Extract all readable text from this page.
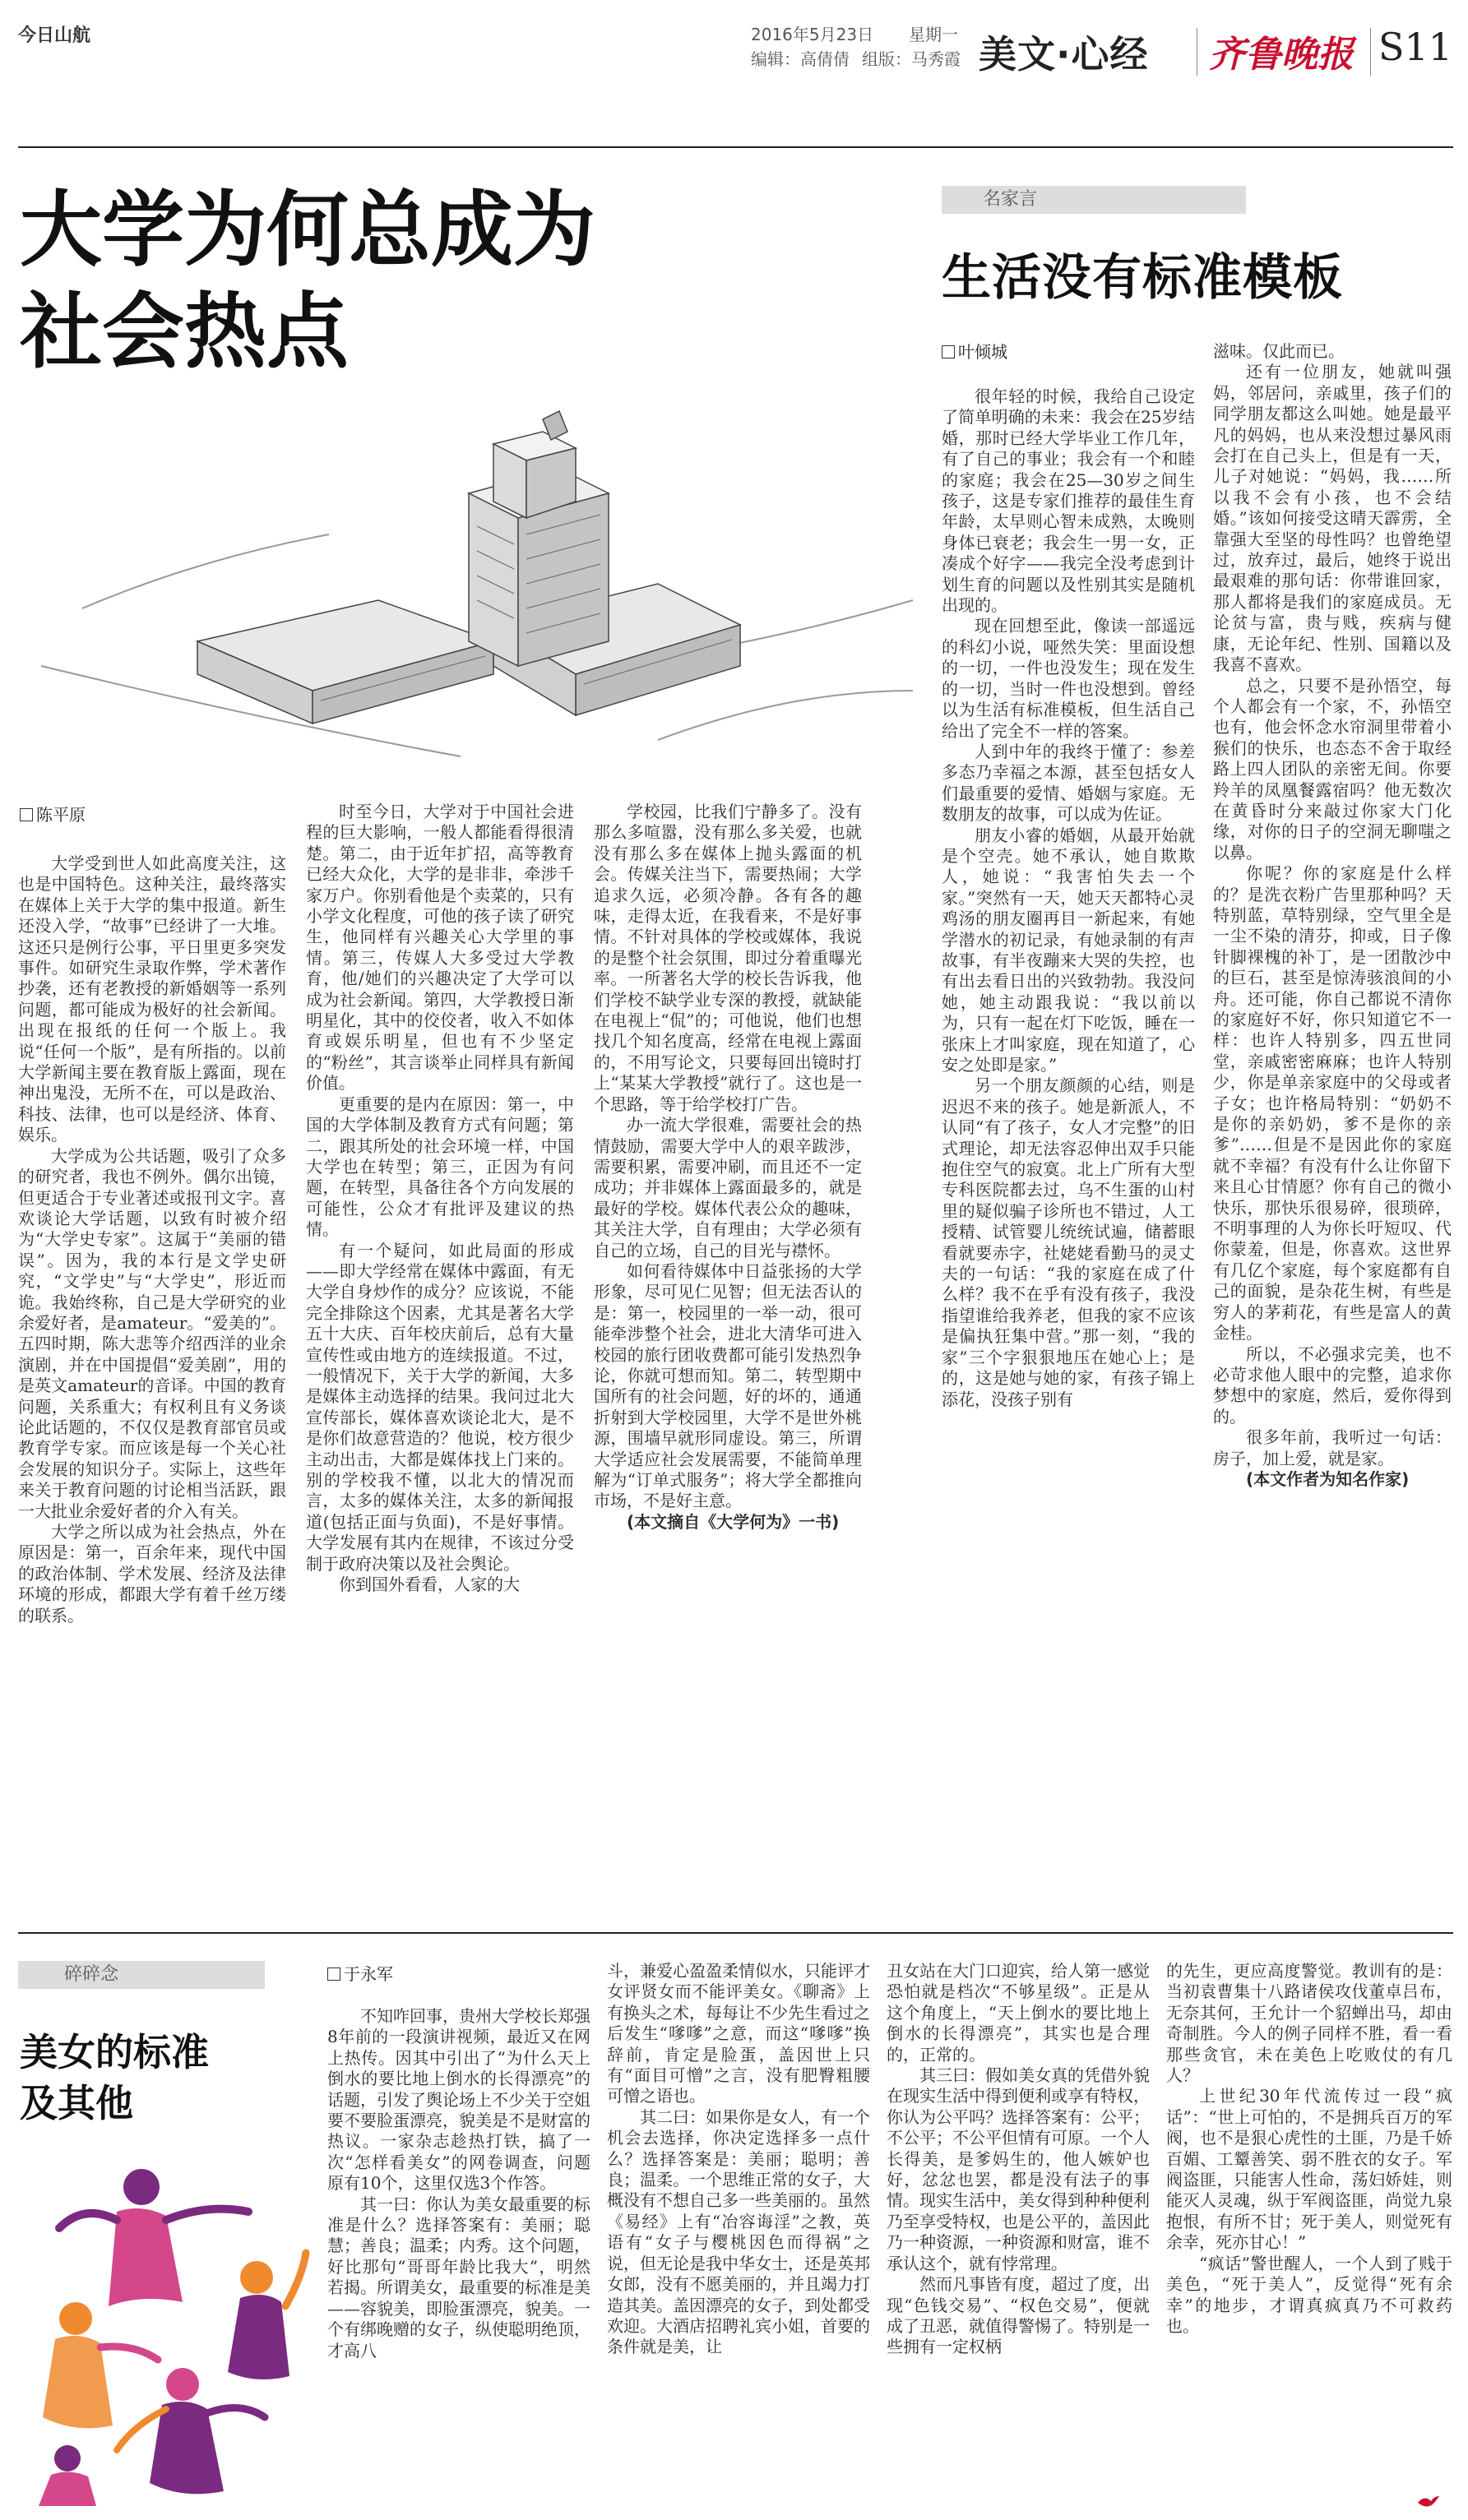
今日山航	2016年5月23日 星期一
编辑：高倩倩 组版：马秀霞 美文·心经 齐鲁晚报 S11
大学为何总成为
社会热点
陈平原

大学受到世人如此高度关注，这也是中国特色。这种关注，最终落实在媒体上关于大学的集中报道。新生还没入学，“故事”已经讲了一大堆。这还只是例行公事，平日里更多突发事件。如研究生录取作弊，学术著作抄袭，还有老教授的新婚姻等一系列问题，都可能成为极好的社会新闻。出现在报纸的任何一个版上。我说“任何一个版”，是有所指的。以前大学新闻主要在教育版上露面，现在神出鬼没，无所不在，可以是政治、科技、法律，也可以是经济、体育、娱乐。

大学成为公共话题，吸引了众多的研究者，我也不例外。偶尔出镜，但更适合于专业著述或报刊文字。喜欢谈论大学话题，以致有时被介绍为“大学史专家”。这属于“美丽的错误”。因为，我的本行是文学史研究，“文学史”与“大学史”，形近而诡。我始终称，自己是大学研究的业余爱好者，是amateur。“爱美的”。五四时期，陈大悲等介绍西洋的业余演剧，并在中国提倡“爱美剧”，用的是英文amateur的音译。中国的教育问题，关系重大；有权利且有义务谈论此话题的，不仅仅是教育部官员或教育学专家。而应该是每一个关心社会发展的知识分子。实际上，这些年来关于教育问题的讨论相当活跃，跟一大批业余爱好者的介入有关。

大学之所以成为社会热点，外在原因是：第一，百余年来，现代中国的政治体制、学术发展、经济及法律环境的形成，都跟大学有着千丝万缕的联系。

时至今日，大学对于中国社会进程的巨大影响，一般人都能看得很清楚。第二，由于近年扩招，高等教育已经大众化，大学的是非非，牵涉千家万户。你别看他是个卖菜的，只有小学文化程度，可他的孩子读了研究生，他同样有兴趣关心大学里的事情。第三，传媒人大多受过大学教育，他/她们的兴趣决定了大学可以成为社会新闻。第四，大学教授日渐明星化，其中的佼佼者，收入不如体育或娱乐明星，但也有不少坚定的“粉丝”，其言谈举止同样具有新闻价值。

更重要的是内在原因：第一，中国的大学体制及教育方式有问题；第二，跟其所处的社会环境一样，中国大学也在转型；第三，正因为有问题，在转型，具备往各个方向发展的可能性，公众才有批评及建议的热情。

有一个疑问，如此局面的形成——即大学经常在媒体中露面，有无大学自身炒作的成分？应该说，不能完全排除这个因素，尤其是著名大学五十大庆、百年校庆前后，总有大量宣传性或由地方的连续报道。不过，一般情况下，关于大学的新闻，大多是媒体主动选择的结果。我问过北大宣传部长，媒体喜欢谈论北大，是不是你们故意营造的？他说，校方很少主动出击，大都是媒体找上门来的。别的学校我不懂，以北大的情况而言，太多的媒体关注，太多的新闻报道(包括正面与负面)，不是好事情。大学发展有其内在规律，不该过分受制于政府决策以及社会舆论。

你到国外看看，人家的大

学校园，比我们宁静多了。没有那么多喧嚣，没有那么多关爱，也就没有那么多在媒体上抛头露面的机会。传媒关注当下，需要热闹；大学追求久远，必须冷静。各有各的趣味，走得太近，在我看来，不是好事情。不针对具体的学校或媒体，我说的是整个社会氛围，即过分着重曝光率。一所著名大学的校长告诉我，他们学校不缺学业专深的教授，就缺能在电视上“侃”的；可他说，他们也想找几个知名度高，经常在电视上露面的，不用写论文，只要每回出镜时打上“某某大学教授”就行了。这也是一个思路，等于给学校打广告。

办一流大学很难，需要社会的热情鼓励，需要大学中人的艰辛跋涉，需要积累，需要冲刷，而且还不一定成功；并非媒体上露面最多的，就是最好的学校。媒体代表公众的趣味，其关注大学，自有理由；大学必须有自己的立场，自己的目光与襟怀。

如何看待媒体中日益张扬的大学形象，尽可见仁见智；但无法否认的是：第一，校园里的一举一动，很可能牵涉整个社会，进北大清华可进入校园的旅行团收费都可能引发热烈争论，你就可想而知。第二，转型期中国所有的社会问题，好的坏的，通通折射到大学校园里，大学不是世外桃源，围墙早就形同虚设。第三，所谓大学适应社会发展需要，不能简单理解为“订单式服务”；将大学全都推向市场，不是好主意。

(本文摘自《大学何为》一书)

名家言
生活没有标准模板
叶倾城

很年轻的时候，我给自己设定了简单明确的未来：我会在25岁结婚，那时已经大学毕业工作几年，有了自己的事业；我会有一个和睦的家庭；我会在25—30岁之间生孩子，这是专家们推荐的最佳生育年龄，太早则心智未成熟，太晚则身体已衰老；我会生一男一女，正凑成个好字——我完全没考虑到计划生育的问题以及性别其实是随机出现的。

现在回想至此，像读一部遥远的科幻小说，哑然失笑：里面设想的一切，一件也没发生；现在发生的一切，当时一件也没想到。曾经以为生活有标准模板，但生活自己给出了完全不一样的答案。

人到中年的我终于懂了：参差多态乃幸福之本源，甚至包括女人们最重要的爱情、婚姻与家庭。无数朋友的故事，可以成为佐证。

朋友小睿的婚姻，从最开始就是个空壳。她不承认，她自欺欺人，她说：“我害怕失去一个家。”突然有一天，她天天都特心灵鸡汤的朋友圈再目一新起来，有她学潜水的初记录，有她录制的有声故事，有半夜蹦来大哭的失控，也有出去看日出的兴致勃勃。我没问她，她主动跟我说：“我以前以为，只有一起在灯下吃饭，睡在一张床上才叫家庭，现在知道了，心安之处即是家。”

另一个朋友颜颜的心结，则是迟迟不来的孩子。她是新派人，不认同“有了孩子，女人才完整”的旧式理论，却无法容忍伸出双手只能抱住空气的寂寞。北上广所有大型专科医院都去过，乌不生蛋的山村里的疑似骗子诊所也不错过，人工授精、试管婴儿统统试遍，储蓄眼看就要赤字，社姥姥看勤马的灵丈夫的一句话：“我的家庭在成了什么样？我不在乎有没有孩子，我没指望谁给我养老，但我的家不应该是偏执狂集中营。”那一刻，“我的家”三个字狠狠地压在她心上；是的，这是她与她的家，有孩子锦上添花，没孩子别有

滋味。仅此而已。

还有一位朋友，她就叫强妈，邻居问，亲戚里，孩子们的同学朋友都这么叫她。她是最平凡的妈妈，也从来没想过暴风雨会打在自己头上，但是有一天，儿子对她说：“妈妈，我……所以我不会有小孩，也不会结婚。”该如何接受这晴天霹雳，全靠强大至坚的母性吗？也曾绝望过，放弃过，最后，她终于说出最艰难的那句话：你带谁回家，那人都将是我们的家庭成员。无论贫与富，贵与贱，疾病与健康，无论年纪、性别、国籍以及我喜不喜欢。

总之，只要不是孙悟空，每个人都会有一个家，不，孙悟空也有，他会怀念水帘洞里带着小猴们的快乐，也态态不舍于取经路上四人团队的亲密无间。你要羚羊的凤凰餐露宿吗？他无数次在黄昏时分来敲过你家大门化缘，对你的日子的空洞无聊嗤之以鼻。

你呢？你的家庭是什么样的？是洗衣粉广告里那种吗？天特别蓝，草特别绿，空气里全是一尘不染的清芬，抑或，日子像针脚裸槐的补丁，是一团散沙中的巨石，甚至是惊涛骇浪间的小舟。还可能，你自己都说不清你的家庭好不好，你只知道它不一样：也许人特别多，四五世同堂，亲戚密密麻麻；也许人特别少，你是单亲家庭中的父母或者子女；也许格局特别：“奶奶不是你的亲奶奶，爹不是你的亲爹”……但是不是因此你的家庭就不幸福？有没有什么让你留下来且心甘情愿？你有自己的微小快乐，那快乐很易碎，很琐碎，不明事理的人为你长吁短叹、代你蒙羞，但是，你喜欢。这世界有几亿个家庭，每个家庭都有自己的面貌，是杂花生树，有些是穷人的茅莉花，有些是富人的黄金桂。

所以，不必强求完美，也不必苛求他人眼中的完整，追求你梦想中的家庭，然后，爱你得到的。

很多年前，我听过一句话：房子，加上爱，就是家。

(本文作者为知名作家)

碎碎念
美女的标准
及其他
于永军

不知咋回事，贵州大学校长郑强8年前的一段演讲视频，最近又在网上热传。因其中引出了“为什么天上倒水的要比地上倒水的长得漂亮”的话题，引发了舆论场上不少关于空姐要不要脸蛋漂亮，貌美是不是财富的热议。一家杂志趁热打铁，搞了一次“怎样看美女”的网卷调查，问题原有10个，这里仅选3个作答。

其一曰：你认为美女最重要的标准是什么？选择答案有：美丽；聪慧；善良；温柔；内秀。这个问题，好比那句“哥哥年龄比我大”，明然若揭。所谓美女，最重要的标准是美——容貌美，即脸蛋漂亮，貌美。一个有绑晚赠的女子，纵使聪明绝顶，才高八

斗，兼爱心盈盈柔情似水，只能评才女评贤女而不能评美女。《聊斋》上有换头之术，每每让不少先生看过之后发生“嗲嗲”之意，而这“嗲嗲”换辞前，肯定是脸蛋，盖因世上只有“面目可憎”之言，没有肥臀粗腰可憎之语也。

其二曰：如果你是女人，有一个机会去选择，你决定选择多一点什么？选择答案是：美丽；聪明；善良；温柔。一个思维正常的女子，大概没有不想自己多一些美丽的。虽然《易经》上有“冶容诲淫”之教，英语有“女子与樱桃因色而得祸”之说，但无论是我中华女士，还是英邦女郎，没有不愿美丽的，并且竭力打造其美。盖因漂亮的女子，到处都受欢迎。大酒店招聘礼宾小姐，首要的条件就是美，让

丑女站在大门口迎宾，给人第一感觉恐怕就是档次“不够星级”。正是从这个角度上，“天上倒水的要比地上倒水的长得漂亮”，其实也是合理的，正常的。

其三曰：假如美女真的凭借外貌在现实生活中得到便利或享有特权，你认为公平吗？选择答案有：公平；不公平；不公平但情有可原。一个人长得美，是爹妈生的，他人嫉妒也好，忿忿也罢，都是没有法子的事情。现实生活中，美女得到种种便利乃至享受特权，也是公平的，盖因此乃一种资源，一种资源和财富，谁不承认这个，就有悖常理。

然而凡事皆有度，超过了度，出现“色钱交易”、“权色交易”，便就成了丑恶，就值得警惕了。特别是一些拥有一定权柄

的先生，更应高度警觉。教训有的是：当初袁曹集十八路诸侯攻伐董卓吕布，无奈其何，王允计一个貂蝉出马，却由奇制胜。今人的例子同样不胜，看一看那些贪官，未在美色上吃败仗的有几人？

上世纪30年代流传过一段“疯话”：“世上可怕的，不是拥兵百万的军阀，也不是狠心虎性的土匪，乃是千娇百媚、工颦善笑、弱不胜衣的女子。军阀盗匪，只能害人性命，荡妇娇娃，则能灭人灵魂，纵于军阀盗匪，尚觉九泉抱恨，有所不甘；死于美人，则觉死有余幸，死亦甘心！”

“疯话”警世醒人，一个人到了贱于美色，“死于美人”，反觉得“死有余幸”的地步，才谓真疯真乃不可救药也。
